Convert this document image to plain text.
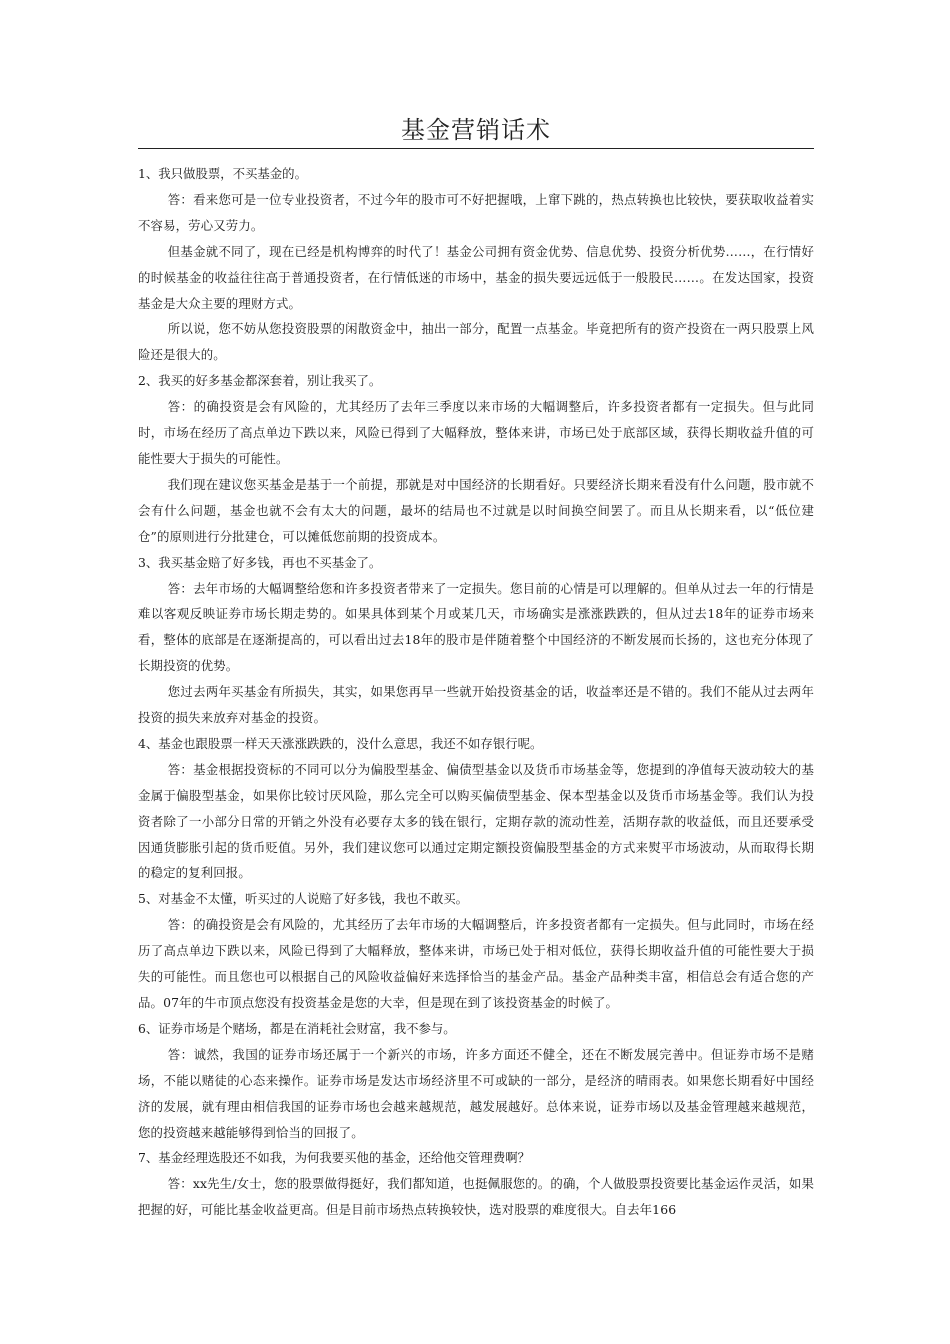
基金营销话术

1、我只做股票，不买基金的。

答：看来您可是一位专业投资者，不过今年的股市可不好把握哦，上窜下跳的，热点转换也比较快，要获取收益着实不容易，劳心又劳力。

但基金就不同了，现在已经是机构博弈的时代了！基金公司拥有资金优势、信息优势、投资分析优势……，在行情好的时候基金的收益往往高于普通投资者，在行情低迷的市场中，基金的损失要远远低于一般股民……。在发达国家，投资基金是大众主要的理财方式。

所以说，您不妨从您投资股票的闲散资金中，抽出一部分，配置一点基金。毕竟把所有的资产投资在一两只股票上风险还是很大的。

2、我买的好多基金都深套着，别让我买了。

答：的确投资是会有风险的，尤其经历了去年三季度以来市场的大幅调整后，许多投资者都有一定损失。但与此同时，市场在经历了高点单边下跌以来，风险已得到了大幅释放，整体来讲，市场已处于底部区域，获得长期收益升值的可能性要大于损失的可能性。

我们现在建议您买基金是基于一个前提，那就是对中国经济的长期看好。只要经济长期来看没有什么问题，股市就不会有什么问题，基金也就不会有太大的问题，最坏的结局也不过就是以时间换空间罢了。而且从长期来看，以“低位建仓”的原则进行分批建仓，可以摊低您前期的投资成本。

3、我买基金赔了好多钱，再也不买基金了。

答：去年市场的大幅调整给您和许多投资者带来了一定损失。您目前的心情是可以理解的。但单从过去一年的行情是难以客观反映证券市场长期走势的。如果具体到某个月或某几天，市场确实是涨涨跌跌的，但从过去18年的证券市场来看，整体的底部是在逐渐提高的，可以看出过去18年的股市是伴随着整个中国经济的不断发展而长扬的，这也充分体现了长期投资的优势。

您过去两年买基金有所损失，其实，如果您再早一些就开始投资基金的话，收益率还是不错的。我们不能从过去两年投资的损失来放弃对基金的投资。

4、基金也跟股票一样天天涨涨跌跌的，没什么意思，我还不如存银行呢。

答：基金根据投资标的不同可以分为偏股型基金、偏债型基金以及货币市场基金等，您提到的净值每天波动较大的基金属于偏股型基金，如果你比较讨厌风险，那么完全可以购买偏债型基金、保本型基金以及货币市场基金等。我们认为投资者除了一小部分日常的开销之外没有必要存太多的钱在银行，定期存款的流动性差，活期存款的收益低，而且还要承受因通货膨胀引起的货币贬值。另外，我们建议您可以通过定期定额投资偏股型基金的方式来熨平市场波动，从而取得长期的稳定的复利回报。

5、对基金不太懂，听买过的人说赔了好多钱，我也不敢买。

答：的确投资是会有风险的，尤其经历了去年市场的大幅调整后，许多投资者都有一定损失。但与此同时，市场在经历了高点单边下跌以来，风险已得到了大幅释放，整体来讲，市场已处于相对低位，获得长期收益升值的可能性要大于损失的可能性。而且您也可以根据自己的风险收益偏好来选择恰当的基金产品。基金产品种类丰富，相信总会有适合您的产品。07年的牛市顶点您没有投资基金是您的大幸，但是现在到了该投资基金的时候了。

6、证券市场是个赌场，都是在消耗社会财富，我不参与。

答：诚然，我国的证券市场还属于一个新兴的市场，许多方面还不健全，还在不断发展完善中。但证券市场不是赌场，不能以赌徒的心态来操作。证券市场是发达市场经济里不可或缺的一部分，是经济的晴雨表。如果您长期看好中国经济的发展，就有理由相信我国的证券市场也会越来越规范，越发展越好。总体来说，证券市场以及基金管理越来越规范，您的投资越来越能够得到恰当的回报了。

7、基金经理选股还不如我，为何我要买他的基金，还给他交管理费啊？

答：xx先生/女士，您的股票做得挺好，我们都知道，也挺佩服您的。的确，个人做股票投资要比基金运作灵活，如果把握的好，可能比基金收益更高。但是目前市场热点转换较快，选对股票的难度很大。自去年166
